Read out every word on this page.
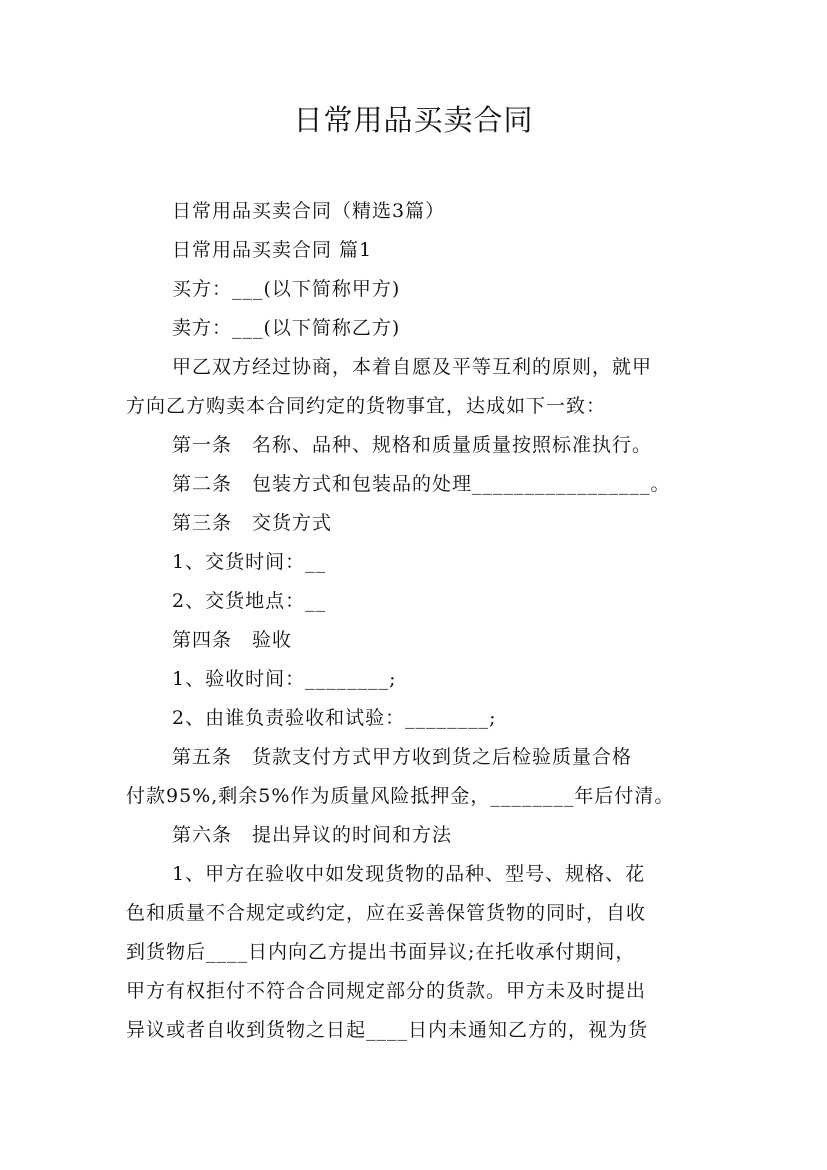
日常用品买卖合同
日常用品买卖合同（精选3篇）
日常用品买卖合同 篇1
买方：___(以下简称甲方)
卖方：___(以下简称乙方)
甲乙双方经过协商，本着自愿及平等互利的原则，就甲
方向乙方购卖本合同约定的货物事宜，达成如下一致：
第一条　名称、品种、规格和质量质量按照标准执行。
第二条　包装方式和包装品的处理_________________。
第三条　交货方式
1、交货时间：__
2、交货地点：__
第四条　验收
1、验收时间：________;
2、由谁负责验收和试验：________;
第五条　货款支付方式甲方收到货之后检验质量合格
付款95%,剩余5%作为质量风险抵押金，________年后付清。
第六条　提出异议的时间和方法
1、甲方在验收中如发现货物的品种、型号、规格、花
色和质量不合规定或约定，应在妥善保管货物的同时，自收
到货物后____日内向乙方提出书面异议;在托收承付期间，
甲方有权拒付不符合合同规定部分的货款。甲方未及时提出
异议或者自收到货物之日起____日内未通知乙方的，视为货
